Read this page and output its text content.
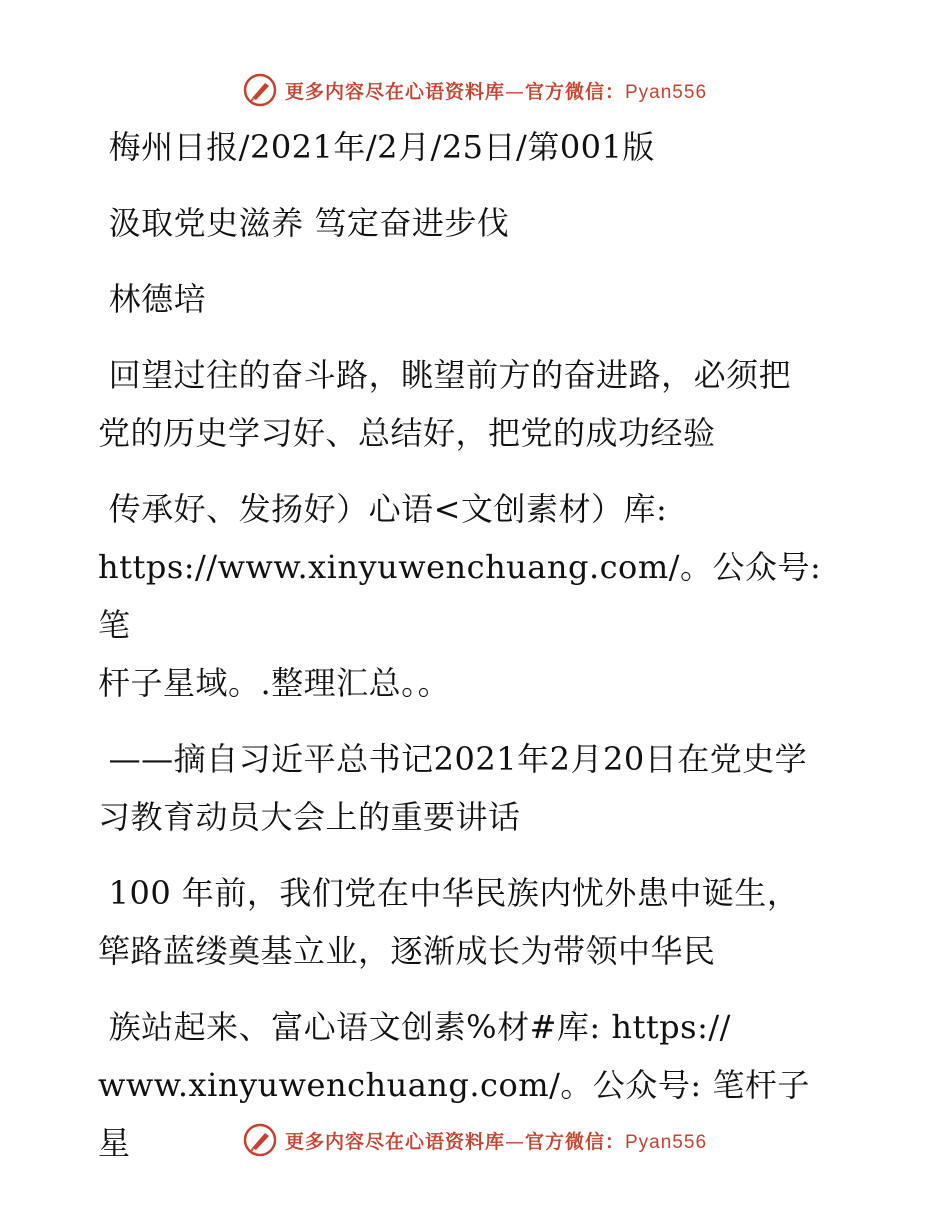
更多内容尽在心语资料库—官方微信：Pyan556

梅州日报/2021年/2月/25日/第001版

汲取党史滋养 笃定奋进步伐

林德培

回望过往的奋斗路，眺望前方的奋进路，必须把

党的历史学习好、总结好，把党的成功经验

传承好、发扬好）心语<文创素材）库:

https://www.xinyuwenchuang.com/。公众号: 笔

杆子星域。.整理汇总。。

——摘自习近平总书记2021年2月20日在党史学

习教育动员大会上的重要讲话

100 年前，我们党在中华民族内忧外患中诞生，

筚路蓝缕奠基立业，逐渐成长为带领中华民

族站起来、富心语文创素%材#库: https://

www.xinyuwenchuang.com/。公众号: 笔杆子星	更多内容尽在心语资料库—官方微信：Pyan556
